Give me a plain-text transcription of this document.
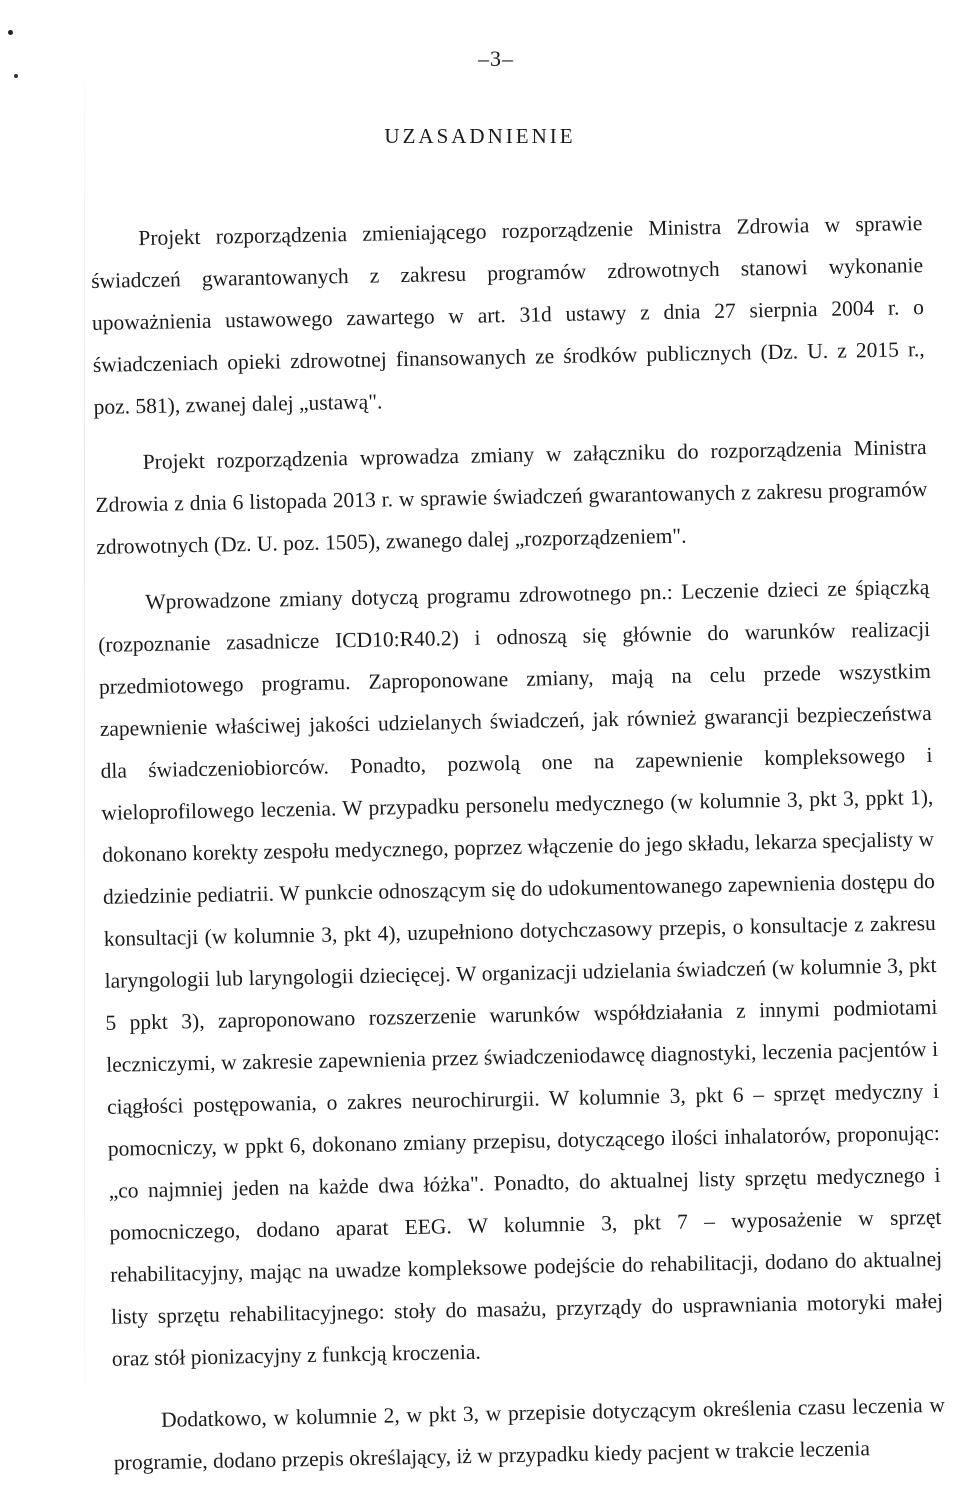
–3–
UZASADNIENIE

Projekt rozporządzenia zmieniającego rozporządzenie Ministra Zdrowia w sprawie świadczeń gwarantowanych z zakresu programów zdrowotnych stanowi wykonanie upoważnienia ustawowego zawartego w art. 31d ustawy z dnia 27 sierpnia 2004 r. o świadczeniach opieki zdrowotnej finansowanych ze środków publicznych (Dz. U. z 2015 r., poz. 581), zwanej dalej „ustawą".

Projekt rozporządzenia wprowadza zmiany w załączniku do rozporządzenia Ministra Zdrowia z dnia 6 listopada 2013 r. w sprawie świadczeń gwarantowanych z zakresu programów zdrowotnych (Dz. U. poz. 1505), zwanego dalej „rozporządzeniem".

Wprowadzone zmiany dotyczą programu zdrowotnego pn.: Leczenie dzieci ze śpiączką (rozpoznanie zasadnicze ICD10:R40.2) i odnoszą się głównie do warunków realizacji przedmiotowego programu. Zaproponowane zmiany, mają na celu przede wszystkim zapewnienie właściwej jakości udzielanych świadczeń, jak również gwarancji bezpieczeństwa dla świadczeniobiorców. Ponadto, pozwolą one na zapewnienie kompleksowego i wieloprofilowego leczenia. W przypadku personelu medycznego (w kolumnie 3, pkt 3, ppkt 1), dokonano korekty zespołu medycznego, poprzez włączenie do jego składu, lekarza specjalisty w dziedzinie pediatrii. W punkcie odnoszącym się do udokumentowanego zapewnienia dostępu do konsultacji (w kolumnie 3, pkt 4), uzupełniono dotychczasowy przepis, o konsultacje z zakresu laryngologii lub laryngologii dziecięcej. W organizacji udzielania świadczeń (w kolumnie 3, pkt 5 ppkt 3), zaproponowano rozszerzenie warunków współdziałania z innymi podmiotami leczniczymi, w zakresie zapewnienia przez świadczeniodawcę diagnostyki, leczenia pacjentów i ciągłości postępowania, o zakres neurochirurgii. W kolumnie 3, pkt 6 – sprzęt medyczny i pomocniczy, w ppkt 6, dokonano zmiany przepisu, dotyczącego ilości inhalatorów, proponując: „co najmniej jeden na każde dwa łóżka". Ponadto, do aktualnej listy sprzętu medycznego i pomocniczego, dodano aparat EEG. W kolumnie 3, pkt 7 – wyposażenie w sprzęt rehabilitacyjny, mając na uwadze kompleksowe podejście do rehabilitacji, dodano do aktualnej listy sprzętu rehabilitacyjnego: stoły do masażu, przyrządy do usprawniania motoryki małej oraz stół pionizacyjny z funkcją kroczenia.

Dodatkowo, w kolumnie 2, w pkt 3, w przepisie dotyczącym określenia czasu leczenia w programie, dodano przepis określający, iż w przypadku kiedy pacjent w trakcie leczenia
